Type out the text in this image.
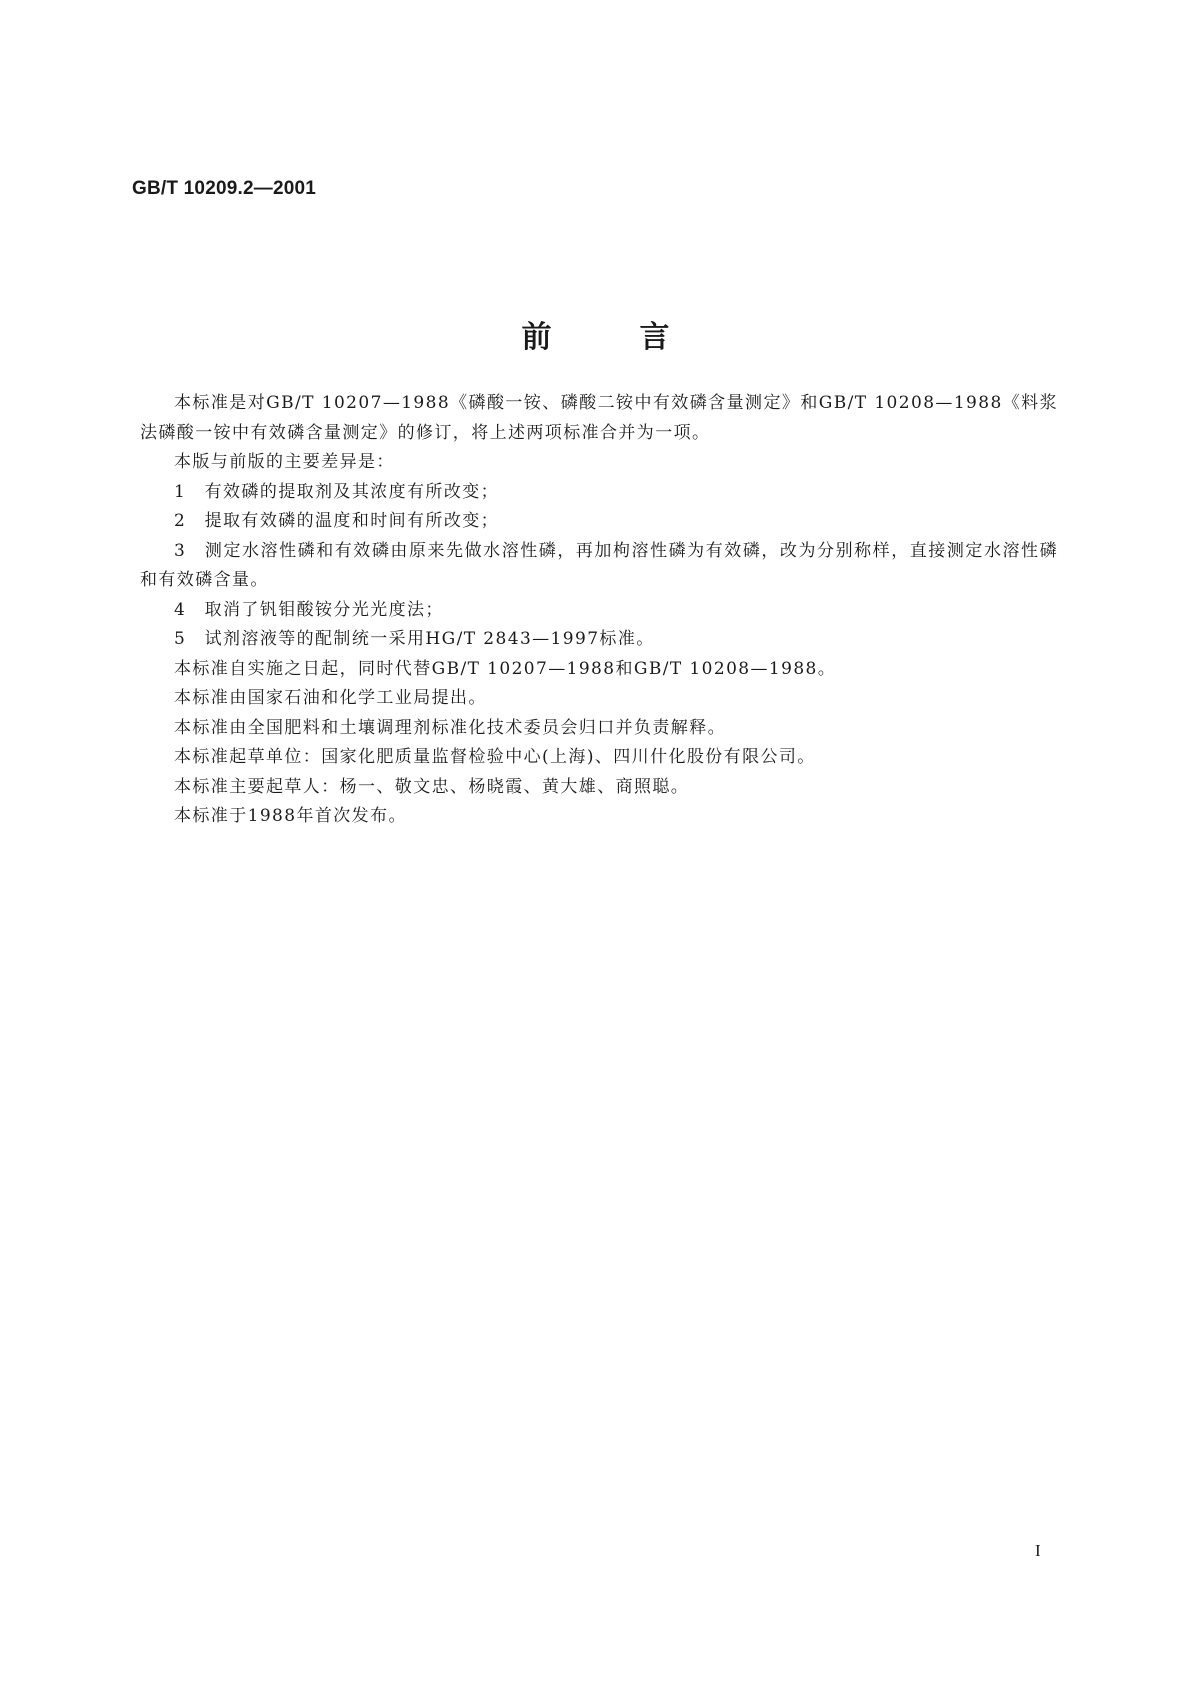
GB/T 10209.2—2001
前言

本标准是对GB/T 10207—1988《磷酸一铵、磷酸二铵中有效磷含量测定》和GB/T 10208—1988《料浆法磷酸一铵中有效磷含量测定》的修订，将上述两项标准合并为一项。

本版与前版的主要差异是：

1　有效磷的提取剂及其浓度有所改变；

2　提取有效磷的温度和时间有所改变；

3　测定水溶性磷和有效磷由原来先做水溶性磷，再加枸溶性磷为有效磷，改为分别称样，直接测定水溶性磷和有效磷含量。

4　取消了钒钼酸铵分光光度法；

5　试剂溶液等的配制统一采用HG/T 2843—1997标准。

本标准自实施之日起，同时代替GB/T 10207—1988和GB/T 10208—1988。

本标准由国家石油和化学工业局提出。

本标准由全国肥料和土壤调理剂标准化技术委员会归口并负责解释。

本标准起草单位：国家化肥质量监督检验中心(上海)、四川什化股份有限公司。

本标准主要起草人：杨一、敬文忠、杨晓霞、黄大雄、商照聪。

本标准于1988年首次发布。

I
